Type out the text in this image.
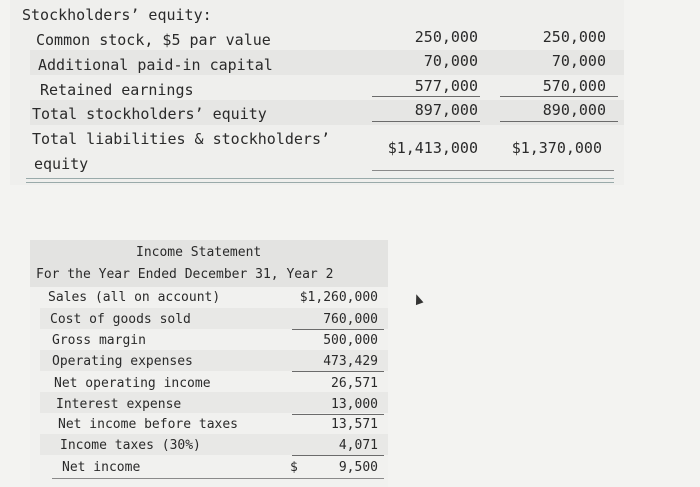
Stockholders’ equity:
Common stock, $5 par value	250,000	250,000
Additional paid-in capital	70,000	70,000
Retained earnings	577,000	570,000
Total stockholders’ equity	897,000	890,000
Total liabilities & stockholders’
equity
$1,413,000	$1,370,000
Income Statement
For the Year Ended December 31, Year 2
Sales (all on account)	$1,260,000
Cost of goods sold	760,000
Gross margin	500,000
Operating expenses	473,429
Net operating income	26,571
Interest expense	13,000
Net income before taxes	13,571
Income taxes (30%)	4,071
Net income	$	9,500
